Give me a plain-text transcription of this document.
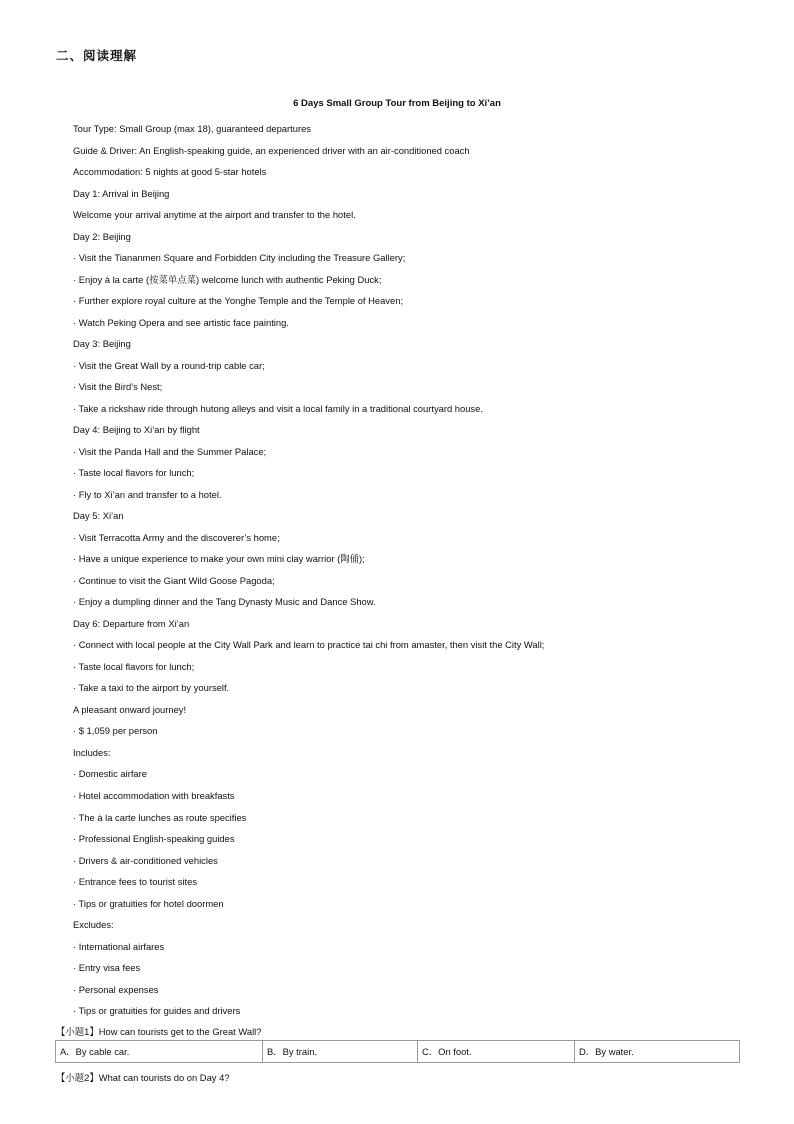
二、阅读理解
6 Days Small Group Tour from Beijing to Xi’an
Tour Type: Small Group (max 18), guaranteed departures
Guide & Driver: An English-speaking guide, an experienced driver with an air-conditioned coach
Accommodation: 5 nights at good 5-star hotels
Day 1: Arrival in Beijing
Welcome your arrival anytime at the airport and transfer to the hotel.
Day 2: Beijing
· Visit the Tiananmen Square and Forbidden City including the Treasure Gallery;
· Enjoy à la carte (按菜单点菜) welcome lunch with authentic Peking Duck;
· Further explore royal culture at the Yonghe Temple and the Temple of Heaven;
· Watch Peking Opera and see artistic face painting.
Day 3: Beijing
· Visit the Great Wall by a round-trip cable car;
· Visit the Bird’s Nest;
· Take a rickshaw ride through hutong alleys and visit a local family in a traditional courtyard house.
Day 4: Beijing to Xi’an by flight
· Visit the Panda Hall and the Summer Palace;
· Taste local flavors for lunch;
· Fly to Xi’an and transfer to a hotel.
Day 5: Xi’an
· Visit Terracotta Army and the discoverer’s home;
· Have a unique experience to make your own mini clay warrior (陶俑);
· Continue to visit the Giant Wild Goose Pagoda;
· Enjoy a dumpling dinner and the Tang Dynasty Music and Dance Show.
Day 6: Departure from Xi’an
· Connect with local people at the City Wall Park and learn to practice tai chi from amaster, then visit the City Wall;
· Taste local flavors for lunch;
· Take a taxi to the airport by yourself.
A pleasant onward journey!
· $ 1,059 per person
Includes:
· Domestic airfare
· Hotel accommodation with breakfasts
· The à la carte lunches as route specifies
· Professional English-speaking guides
· Drivers & air-conditioned vehicles
· Entrance fees to tourist sites
· Tips or gratuities for hotel doormen
Excludes:
· International airfares
· Entry visa fees
· Personal expenses
· Tips or gratuities for guides and drivers
【小题1】How can tourists get to the Great Wall?
A．By cable car.	B．By train.	C．On foot.	D．By water.
【小题2】What can tourists do on Day 4?
